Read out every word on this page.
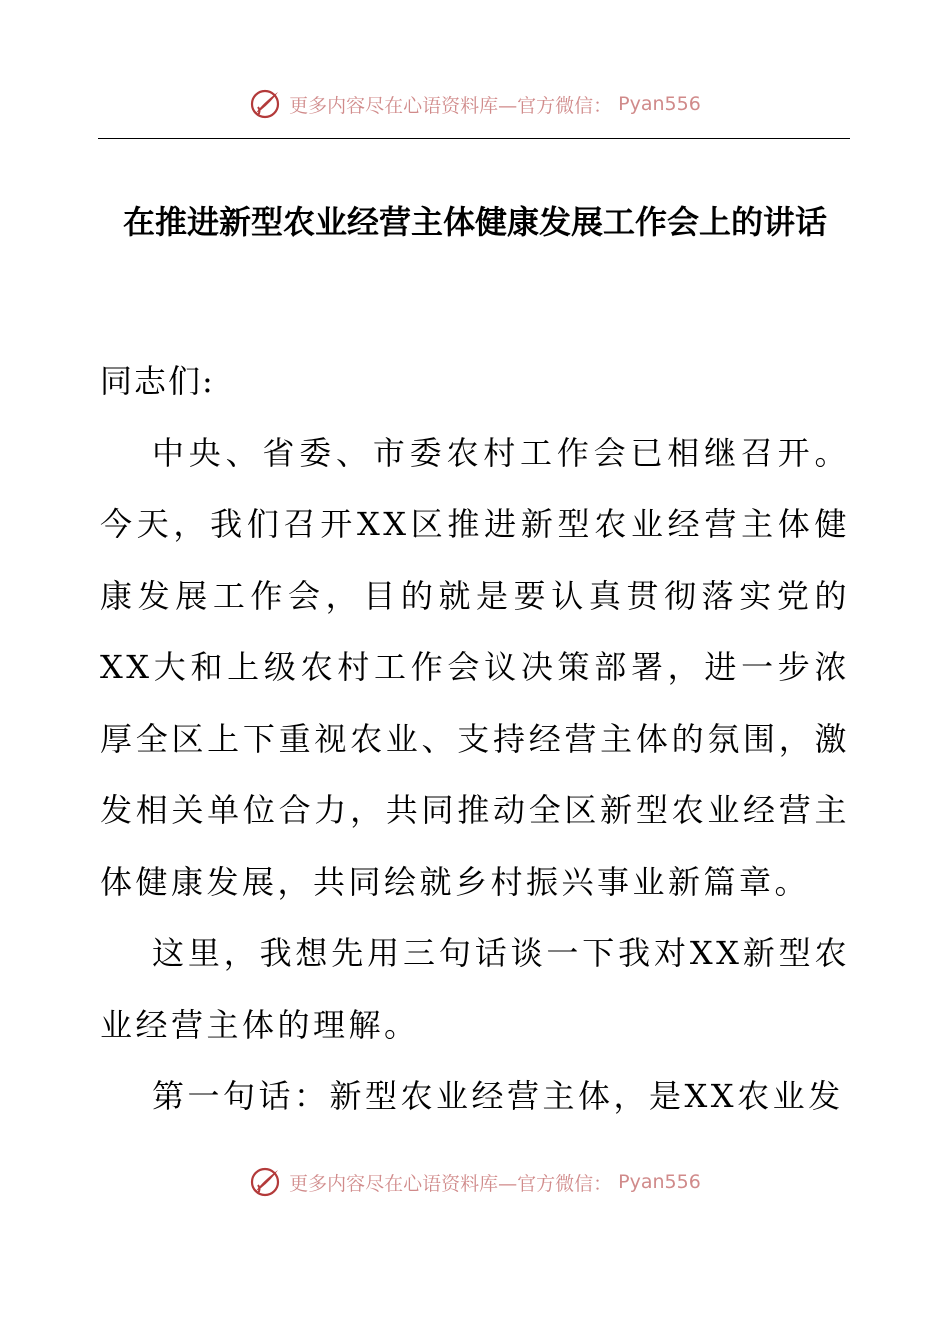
更多内容尽在心语资料库—官方微信： Pyan556
在推进新型农业经营主体健康发展工作会上的讲话

同志们:

中央、省委、市委农村工作会已相继召开。今天，我们召开XX区推进新型农业经营主体健康发展工作会，目的就是要认真贯彻落实党的XX大和上级农村工作会议决策部署，进一步浓厚全区上下重视农业、支持经营主体的氛围，激发相关单位合力，共同推动全区新型农业经营主体健康发展，共同绘就乡村振兴事业新篇章。

这里，我想先用三句话谈一下我对XX新型农业经营主体的理解。

第一句话：新型农业经营主体，是XX农业发

更多内容尽在心语资料库—官方微信： Pyan556
